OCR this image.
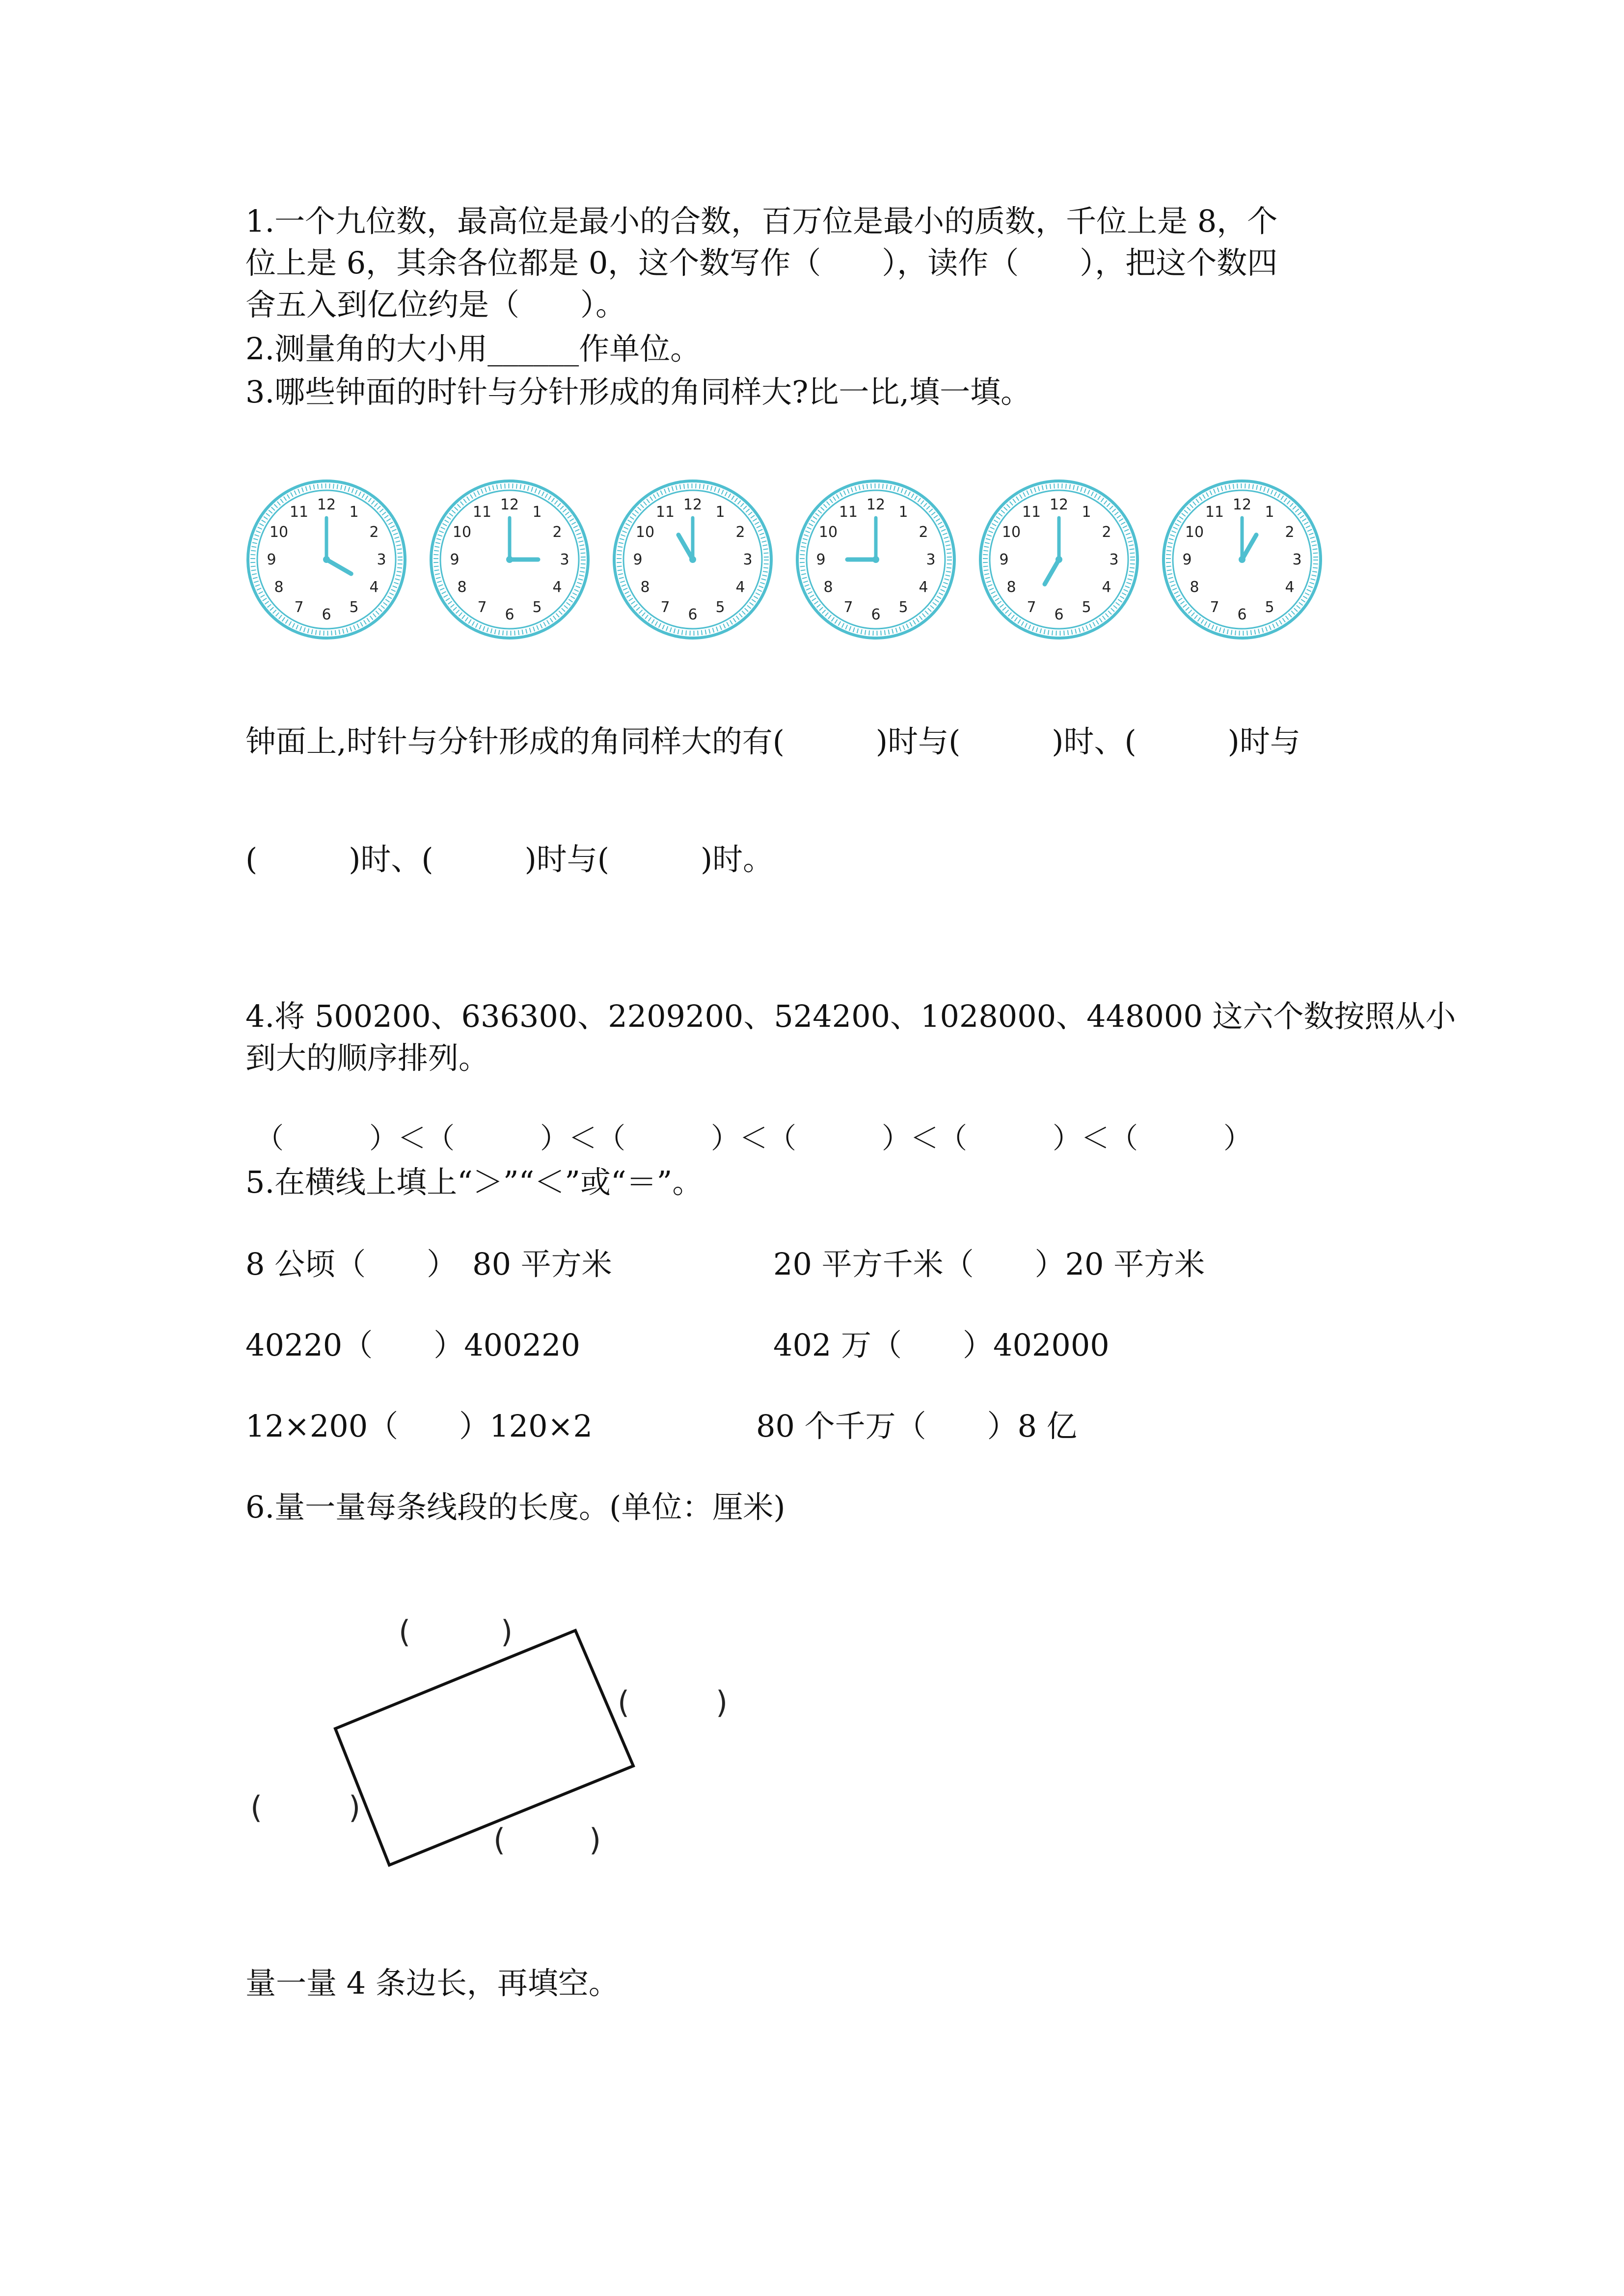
1.一个九位数，最高位是最小的合数，百万位是最小的质数，千位上是 8，个
位上是 6，其余各位都是 0，这个数写作（　　），读作（　　），把这个数四
舍五入到亿位约是（　　）。
2.测量角的大小用______作单位。
3.哪些钟面的时针与分针形成的角同样大?比一比,填一填。
12 1
2
3
4
5
6
7
8
9
10
11	12 1
2
3
4
5
6
7
8
9
10
11	12 1
2
3
4
5
6
7
8
9
10
11	12 1
2
3
4
5
6
7
8
9
10
11	12 1
2
3
4
5
6
7
8
9
10
11	12 1
2
3
4
5
6
7
8
9
10
11
钟面上,时针与分针形成的角同样大的有(　　　)时与(　　　)时、(　　　)时与
(　　　)时、(　　　)时与(　　　)时。
4.将 500200、636300、2209200、524200、1028000、448000 这六个数按照从小
到大的顺序排列。
（　　　）＜（　　　）＜（　　　）＜（　　　）＜（　　　）＜（　　　）
5.在横线上填上“＞”“＜”或“＝”。
8 公顷（　　）　80 平方米	20 平方千米（　　）20 平方米
40220（　　）400220	402 万（　　）402000
12×200（　　）120×2	80 个千万（　　）8 亿
6.量一量每条线段的长度。(单位：厘米)
(	)
(	)
(	)
(	)
量一量 4 条边长，再填空。
